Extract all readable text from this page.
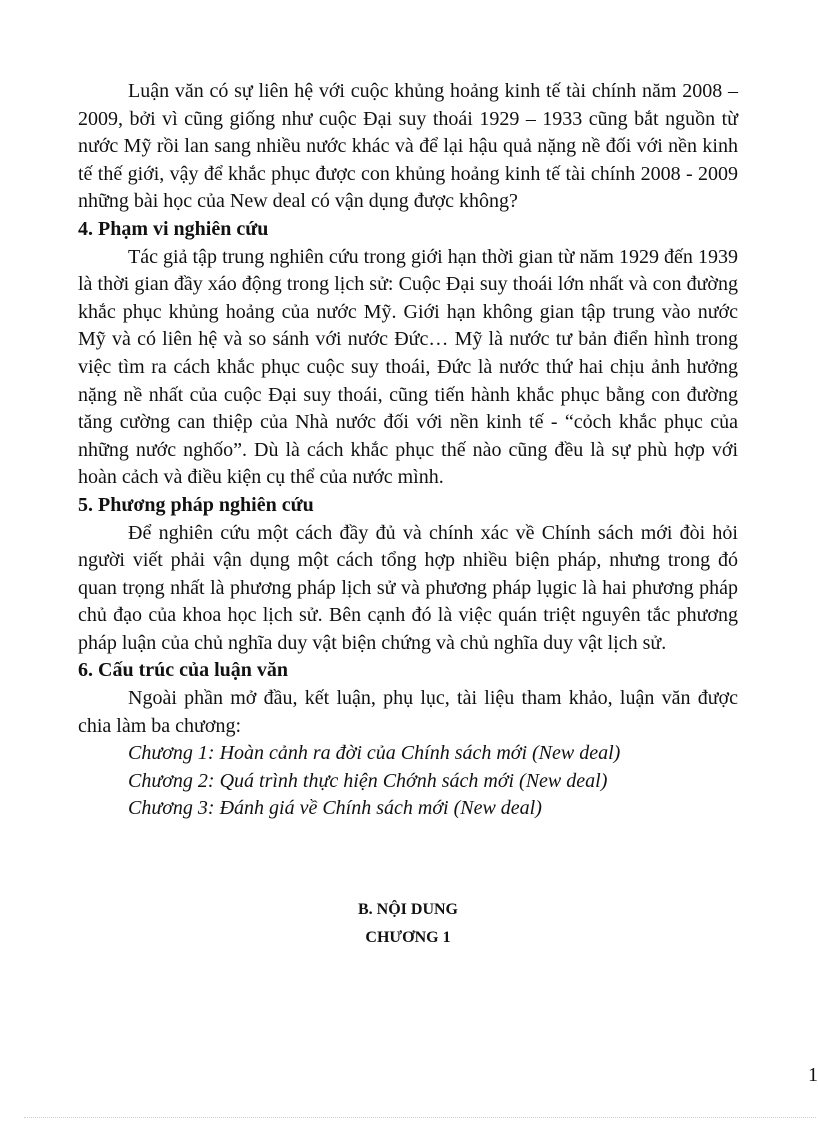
Luận văn có sự liên hệ với cuộc khủng hoảng kinh tế tài chính năm 2008 – 2009, bởi vì cũng giống như cuộc Đại suy thoái 1929 – 1933 cũng bắt nguồn từ nước Mỹ rồi lan sang nhiều nước khác và để lại hậu quả nặng nề đối với nền kinh tế thế giới, vậy để khắc phục được con khủng hoảng kinh tế tài chính 2008 - 2009 những bài học của New deal có vận dụng được không?

4. Phạm vi nghiên cứu

Tác giả tập trung nghiên cứu trong giới hạn thời gian từ năm 1929 đến 1939 là thời gian đầy xáo động trong lịch sử: Cuộc Đại suy thoái lớn nhất và con đường khắc phục khủng hoảng của nước Mỹ. Giới hạn không gian tập trung vào nước Mỹ và có liên hệ và so sánh với nước Đức… Mỹ là nước tư bản điển hình trong việc tìm ra cách khắc phục cuộc suy thoái, Đức là nước thứ hai chịu ảnh hưởng nặng nề nhất của cuộc Đại suy thoái, cũng tiến hành khắc phục bằng con đường tăng cường can thiệp của Nhà nước đối với nền kinh tế - “cỏch khắc phục của những nước nghốo”. Dù là cách khắc phục thế nào cũng đều là sự phù hợp với hoàn cảch và điều kiện cụ thể của nước mình.

5. Phương pháp nghiên cứu

Để nghiên cứu một cách đầy đủ và chính xác về Chính sách mới đòi hỏi người viết phải vận dụng một cách tổng hợp nhiều biện pháp, nhưng trong đó quan trọng nhất là phương pháp lịch sử và phương pháp lụgic là hai phương pháp chủ đạo của khoa học lịch sử. Bên cạnh đó là việc quán triệt nguyên tắc phương pháp luận của chủ nghĩa duy vật biện chứng và chủ nghĩa duy vật lịch sử.

6. Cấu trúc của luận văn

Ngoài phần mở đầu, kết luận, phụ lục, tài liệu tham khảo, luận văn được chia làm ba chương:

Chương 1: Hoàn cảnh ra đời của Chính sách mới (New deal)
Chương 2: Quá trình thực hiện Chớnh sách mới (New deal)
Chương 3: Đánh giá về Chính sách mới (New deal)
B. NỘI DUNG
CHƯƠNG 1
1
